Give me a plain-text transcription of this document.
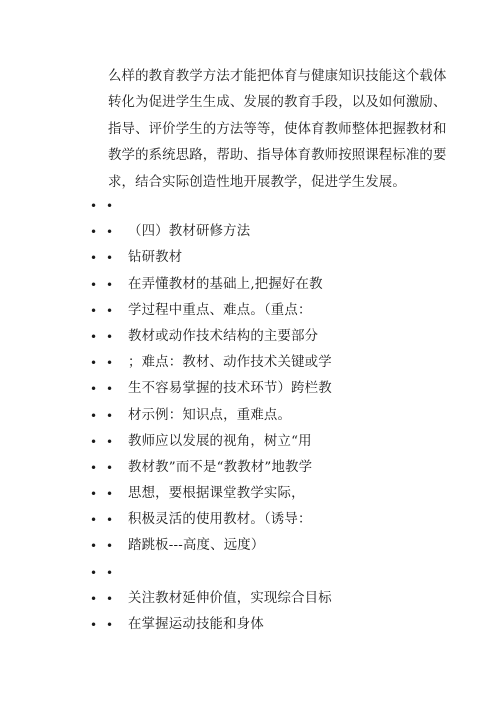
么样的教育教学方法才能把体育与健康知识技能这个载体
转化为促进学生生成、发展的教育手段，以及如何激励、
指导、评价学生的方法等等，使体育教师整体把握教材和
教学的系统思路，帮助、指导体育教师按照课程标准的要
求，结合实际创造性地开展教学，促进学生发展。
• •
• • （四）教材研修方法
• • 钻研教材
• • 在弄懂教材的基础上,把握好在教
• • 学过程中重点、难点。（重点：
• • 教材或动作技术结构的主要部分
• • ；难点：教材、动作技术关键或学
• • 生不容易掌握的技术环节）跨栏教
• • 材示例：知识点，重难点。
• • 教师应以发展的视角，树立“用
• • 教材教”而不是“教教材”地教学
• • 思想，要根据课堂教学实际，
• • 积极灵活的使用教材。（诱导：
• • 踏跳板---高度、远度）
• •
• • 关注教材延伸价值，实现综合目标
• • 在掌握运动技能和身体
